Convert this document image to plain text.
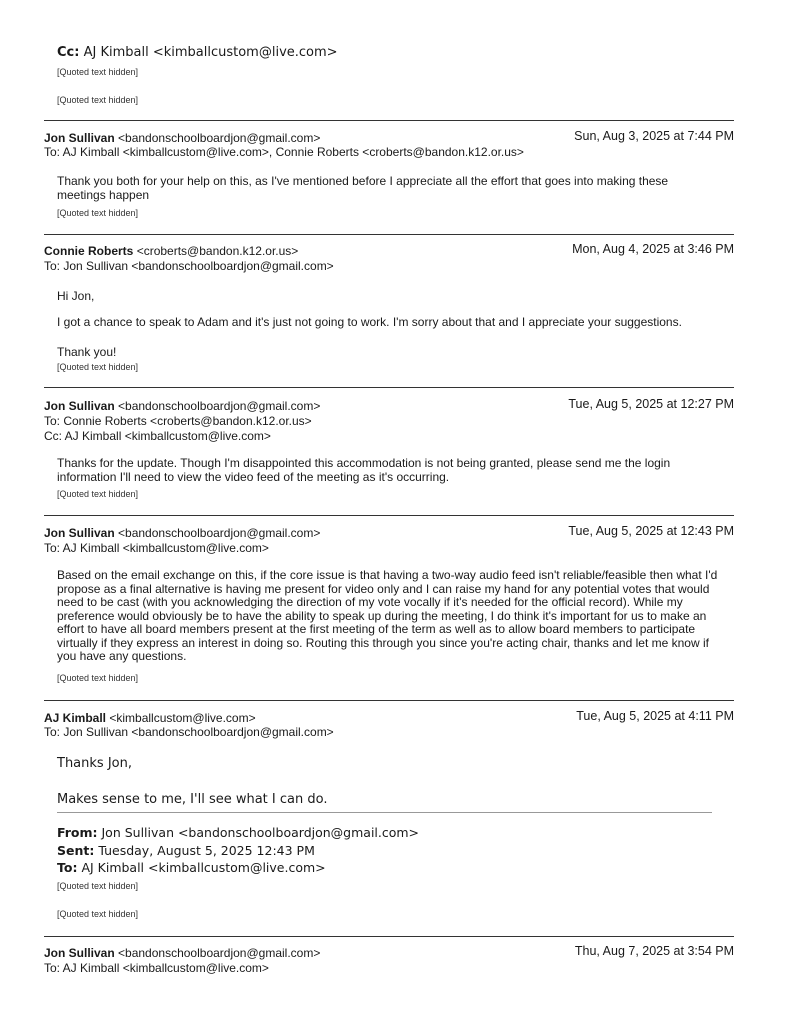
Cc: AJ Kimball <kimballcustom@live.com>
[Quoted text hidden]
[Quoted text hidden]
Jon Sullivan <bandonschoolboardjon@gmail.com>	Sun, Aug 3, 2025 at 7:44 PM
To: AJ Kimball <kimballcustom@live.com>, Connie Roberts <croberts@bandon.k12.or.us>
Thank you both for your help on this, as I've mentioned before I appreciate all the effort that goes into making these meetings happen
[Quoted text hidden]
Connie Roberts <croberts@bandon.k12.or.us>	Mon, Aug 4, 2025 at 3:46 PM
To: Jon Sullivan <bandonschoolboardjon@gmail.com>
Hi Jon,
I got a chance to speak to Adam and it's just not going to work. I'm sorry about that and I appreciate your suggestions.
Thank you!
[Quoted text hidden]
Jon Sullivan <bandonschoolboardjon@gmail.com>	Tue, Aug 5, 2025 at 12:27 PM
To: Connie Roberts <croberts@bandon.k12.or.us>
Cc: AJ Kimball <kimballcustom@live.com>
Thanks for the update. Though I'm disappointed this accommodation is not being granted, please send me the login information I'll need to view the video feed of the meeting as it's occurring.
[Quoted text hidden]
Jon Sullivan <bandonschoolboardjon@gmail.com>	Tue, Aug 5, 2025 at 12:43 PM
To: AJ Kimball <kimballcustom@live.com>
Based on the email exchange on this, if the core issue is that having a two-way audio feed isn't reliable/feasible then what I'd propose as a final alternative is having me present for video only and I can raise my hand for any potential votes that would need to be cast (with you acknowledging the direction of my vote vocally if it's needed for the official record). While my preference would obviously be to have the ability to speak up during the meeting, I do think it's important for us to make an effort to have all board members present at the first meeting of the term as well as to allow board members to participate virtually if they express an interest in doing so. Routing this through you since you're acting chair, thanks and let me know if you have any questions.
[Quoted text hidden]
AJ Kimball <kimballcustom@live.com>	Tue, Aug 5, 2025 at 4:11 PM
To: Jon Sullivan <bandonschoolboardjon@gmail.com>
Thanks Jon,
Makes sense to me, I'll see what I can do.
From: Jon Sullivan <bandonschoolboardjon@gmail.com>
Sent: Tuesday, August 5, 2025 12:43 PM
To: AJ Kimball <kimballcustom@live.com>
[Quoted text hidden]
[Quoted text hidden]
Jon Sullivan <bandonschoolboardjon@gmail.com>	Thu, Aug 7, 2025 at 3:54 PM
To: AJ Kimball <kimballcustom@live.com>
